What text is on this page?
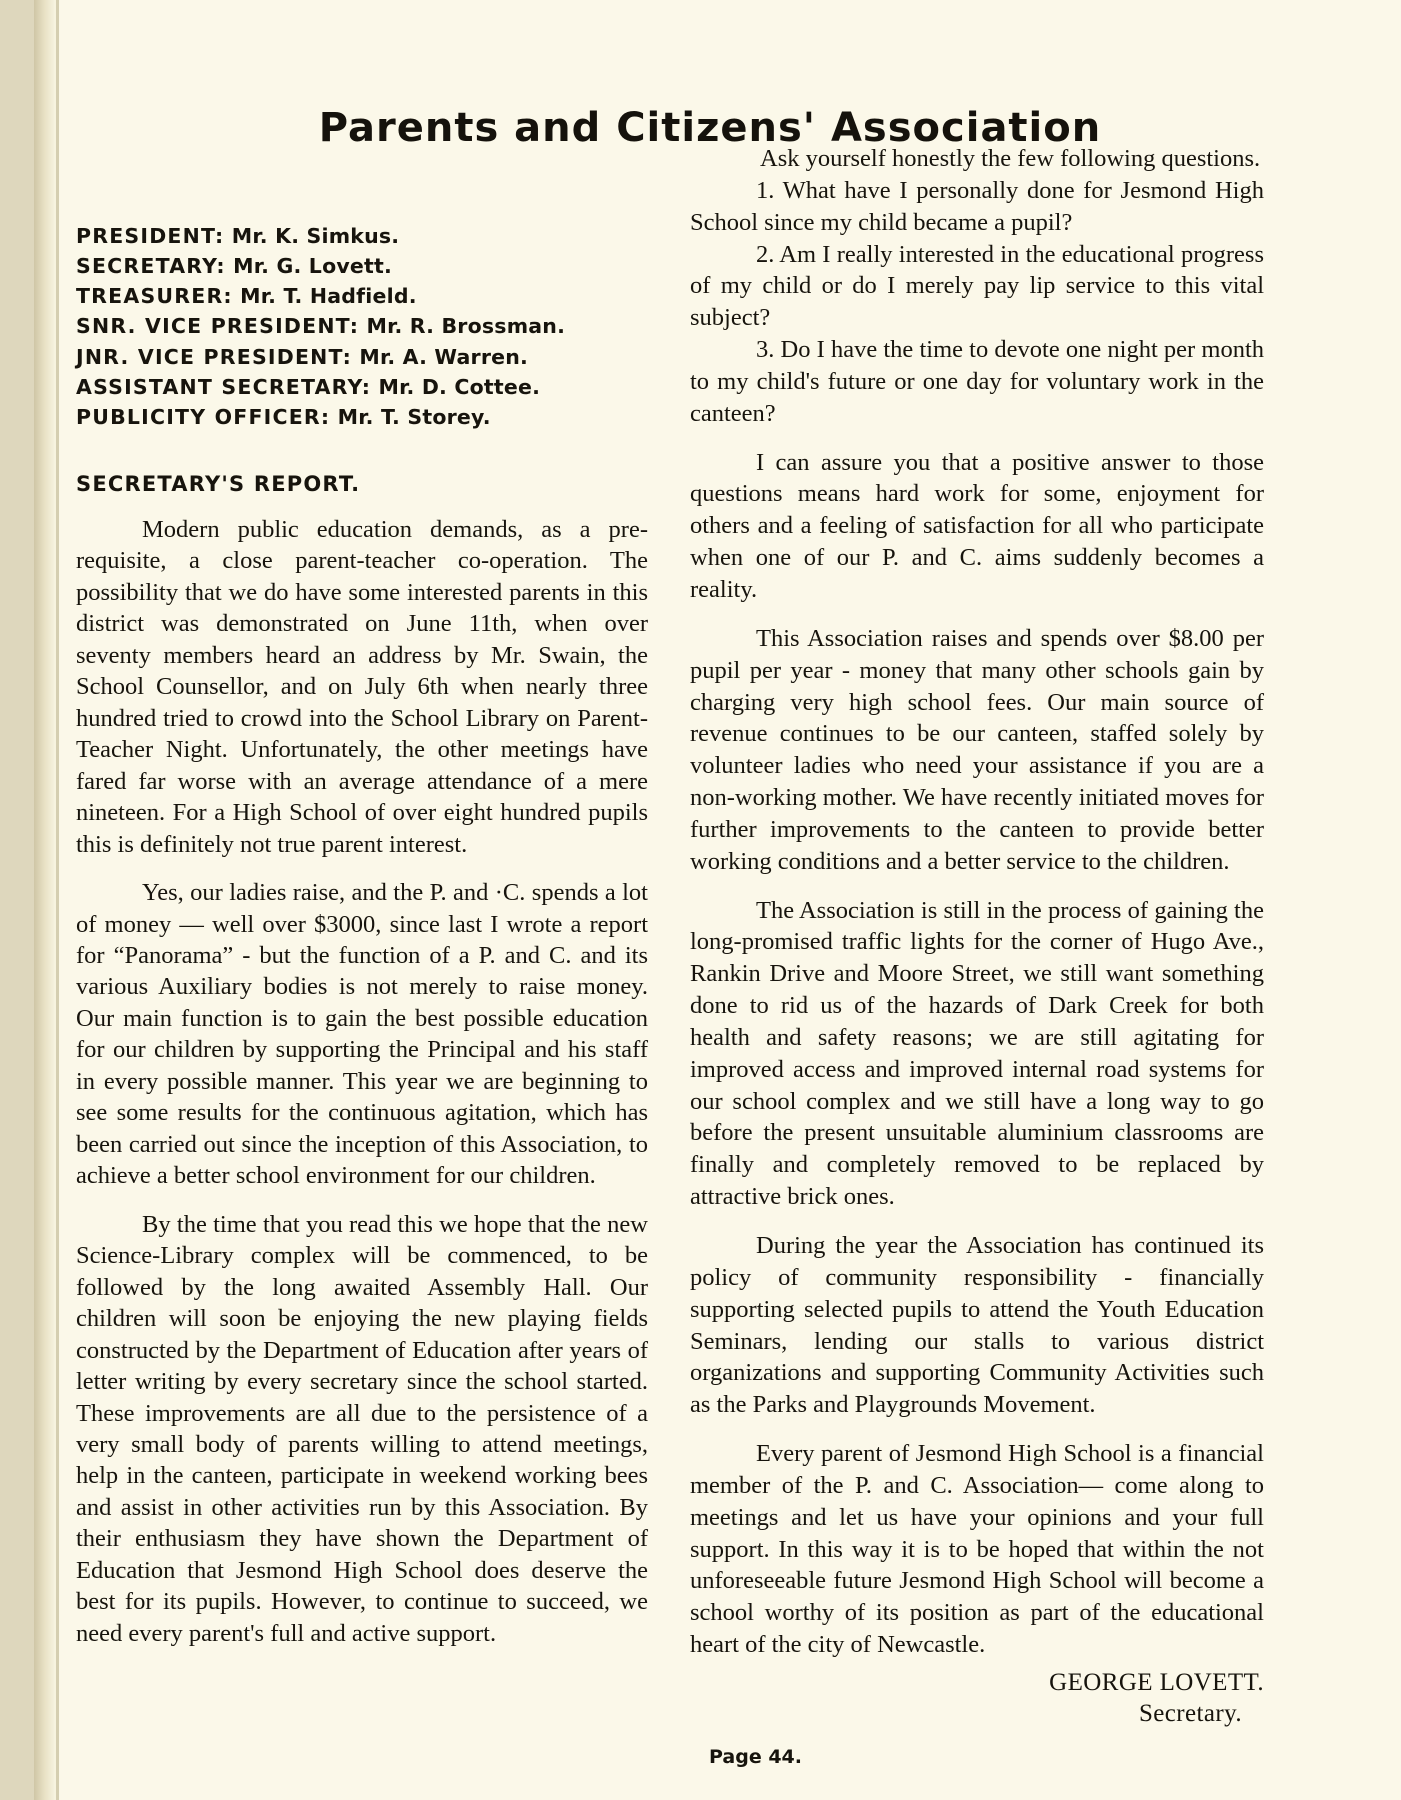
Parents and Citizens' Association
PRESIDENT: Mr. K. Simkus.
SECRETARY: Mr. G. Lovett.
TREASURER: Mr. T. Hadfield.
SNR. VICE PRESIDENT: Mr. R. Brossman.
JNR. VICE PRESIDENT: Mr. A. Warren.
ASSISTANT SECRETARY: Mr. D. Cottee.
PUBLICITY OFFICER: Mr. T. Storey.
SECRETARY'S REPORT.

Modern public education demands, as a pre-requisite, a close parent-teacher co-operation. The possibility that we do have some interested parents in this district was demonstrated on June 11th, when over seventy members heard an address by Mr. Swain, the School Counsellor, and on July 6th when nearly three hundred tried to crowd into the School Library on Parent-Teacher Night. Unfortunately, the other meetings have fared far worse with an average attendance of a mere nineteen. For a High School of over eight hundred pupils this is definitely not true parent interest.

Yes, our ladies raise, and the P. and ·C. spends a lot of money — well over $3000, since last I wrote a report for “Panorama” - but the function of a P. and C. and its various Auxiliary bodies is not merely to raise money. Our main function is to gain the best possible education for our children by supporting the Principal and his staff in every possible manner. This year we are beginning to see some results for the continuous agitation, which has been carried out since the inception of this Association, to achieve a better school environment for our children.

By the time that you read this we hope that the new Science-Library complex will be commenced, to be followed by the long awaited Assembly Hall. Our children will soon be enjoying the new playing fields constructed by the Department of Education after years of letter writing by every secretary since the school started. These improvements are all due to the persistence of a very small body of parents willing to attend meetings, help in the canteen, participate in weekend working bees and assist in other activities run by this Association. By their enthusiasm they have shown the Department of Education that Jesmond High School does deserve the best for its pupils. However, to continue to succeed, we need every parent's full and active support.

Ask yourself honestly the few following questions.

1. What have I personally done for Jesmond High School since my child became a pupil?

2. Am I really interested in the educational progress of my child or do I merely pay lip service to this vital subject?

3. Do I have the time to devote one night per month to my child's future or one day for voluntary work in the canteen?

I can assure you that a positive answer to those questions means hard work for some, enjoyment for others and a feeling of satisfaction for all who participate when one of our P. and C. aims suddenly becomes a reality.

This Association raises and spends over $8.00 per pupil per year - money that many other schools gain by charging very high school fees. Our main source of revenue continues to be our canteen, staffed solely by volunteer ladies who need your assistance if you are a non-working mother. We have recently initiated moves for further improvements to the canteen to provide better working conditions and a better service to the children.

The Association is still in the process of gaining the long-promised traffic lights for the corner of Hugo Ave., Rankin Drive and Moore Street, we still want something done to rid us of the hazards of Dark Creek for both health and safety reasons; we are still agitating for improved access and improved internal road systems for our school complex and we still have a long way to go before the present unsuitable aluminium classrooms are finally and completely removed to be replaced by attractive brick ones.

During the year the Association has continued its policy of community responsibility - financially supporting selected pupils to attend the Youth Education Seminars, lending our stalls to various district organizations and supporting Community Activities such as the Parks and Playgrounds Movement.

Every parent of Jesmond High School is a financial member of the P. and C. Association— come along to meetings and let us have your opinions and your full support. In this way it is to be hoped that within the not unforeseeable future Jesmond High School will become a school worthy of its position as part of the educational heart of the city of Newcastle.

GEORGE LOVETT.
Secretary.
Page 44.
